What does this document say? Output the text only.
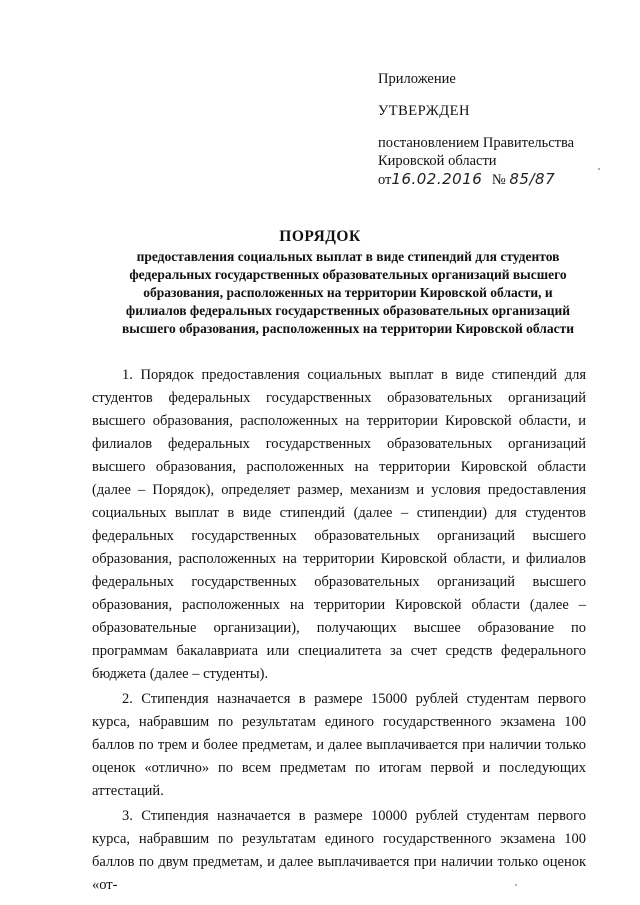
Приложение
УТВЕРЖДЕН
постановлением Правительства
Кировской области
от16.02.2016 № 85/87
ПОРЯДОК
предоставления социальных выплат в виде стипендий для студентов федеральных государственных образовательных организаций высшего образования, расположенных на территории Кировской области, и филиалов федеральных государственных образовательных организаций высшего образования, расположенных на территории Кировской области

1. Порядок предоставления социальных выплат в виде стипендий для студентов федеральных государственных образовательных организаций высшего образования, расположенных на территории Кировской области, и филиалов федеральных государственных образовательных организаций высшего образования, расположенных на территории Кировской области (далее – Порядок), определяет размер, механизм и условия предоставления социальных выплат в виде стипендий (далее – стипендии) для студентов федеральных государственных образовательных организаций высшего образования, расположенных на территории Кировской области, и филиалов федеральных государственных образовательных организаций высшего образования, расположенных на территории Кировской области (далее – образовательные организации), получающих высшее образование по программам бакалавриата или специалитета за счет средств федерального бюджета (далее – студенты).

2. Стипендия назначается в размере 15000 рублей студентам первого курса, набравшим по результатам единого государственного экзамена 100 баллов по трем и более предметам, и далее выплачивается при наличии только оценок «отлично» по всем предметам по итогам первой и последующих аттестаций.

3. Стипендия назначается в размере 10000 рублей студентам первого курса, набравшим по результатам единого государственного экзамена 100 баллов по двум предметам, и далее выплачивается при наличии только оценок «от-
